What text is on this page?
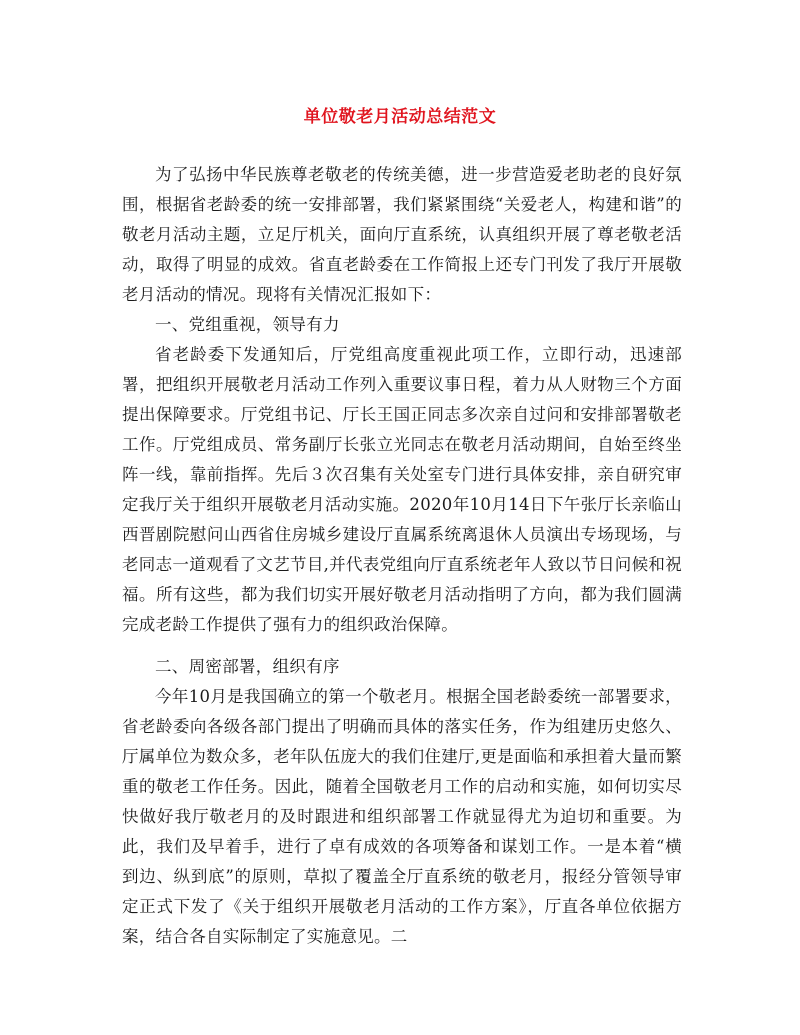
单位敬老月活动总结范文

为了弘扬中华民族尊老敬老的传统美德，进一步营造爱老助老的良好氛围，根据省老龄委的统一安排部署，我们紧紧围绕“关爱老人，构建和谐”的敬老月活动主题，立足厅机关，面向厅直系统，认真组织开展了尊老敬老活动，取得了明显的成效。省直老龄委在工作简报上还专门刊发了我厅开展敬老月活动的情况。现将有关情况汇报如下：

一、党组重视，领导有力

省老龄委下发通知后，厅党组高度重视此项工作，立即行动，迅速部署，把组织开展敬老月活动工作列入重要议事日程，着力从人财物三个方面提出保障要求。厅党组书记、厅长王国正同志多次亲自过问和安排部署敬老工作。厅党组成员、常务副厅长张立光同志在敬老月活动期间，自始至终坐阵一线，靠前指挥。先后３次召集有关处室专门进行具体安排，亲自研究审定我厅关于组织开展敬老月活动实施。2020年10月14日下午张厅长亲临山西晋剧院慰问山西省住房城乡建设厅直属系统离退休人员演出专场现场，与老同志一道观看了文艺节目,并代表党组向厅直系统老年人致以节日问候和祝福。所有这些，都为我们切实开展好敬老月活动指明了方向，都为我们圆满完成老龄工作提供了强有力的组织政治保障。

二、周密部署，组织有序

今年10月是我国确立的第一个敬老月。根据全国老龄委统一部署要求，省老龄委向各级各部门提出了明确而具体的落实任务，作为组建历史悠久、厅属单位为数众多，老年队伍庞大的我们住建厅,更是面临和承担着大量而繁重的敬老工作任务。因此，随着全国敬老月工作的启动和实施，如何切实尽快做好我厅敬老月的及时跟进和组织部署工作就显得尤为迫切和重要。为此，我们及早着手，进行了卓有成效的各项筹备和谋划工作。一是本着“横到边、纵到底”的原则，草拟了覆盖全厅直系统的敬老月，报经分管领导审定正式下发了《关于组织开展敬老月活动的工作方案》，厅直各单位依据方案，结合各自实际制定了实施意见。二
